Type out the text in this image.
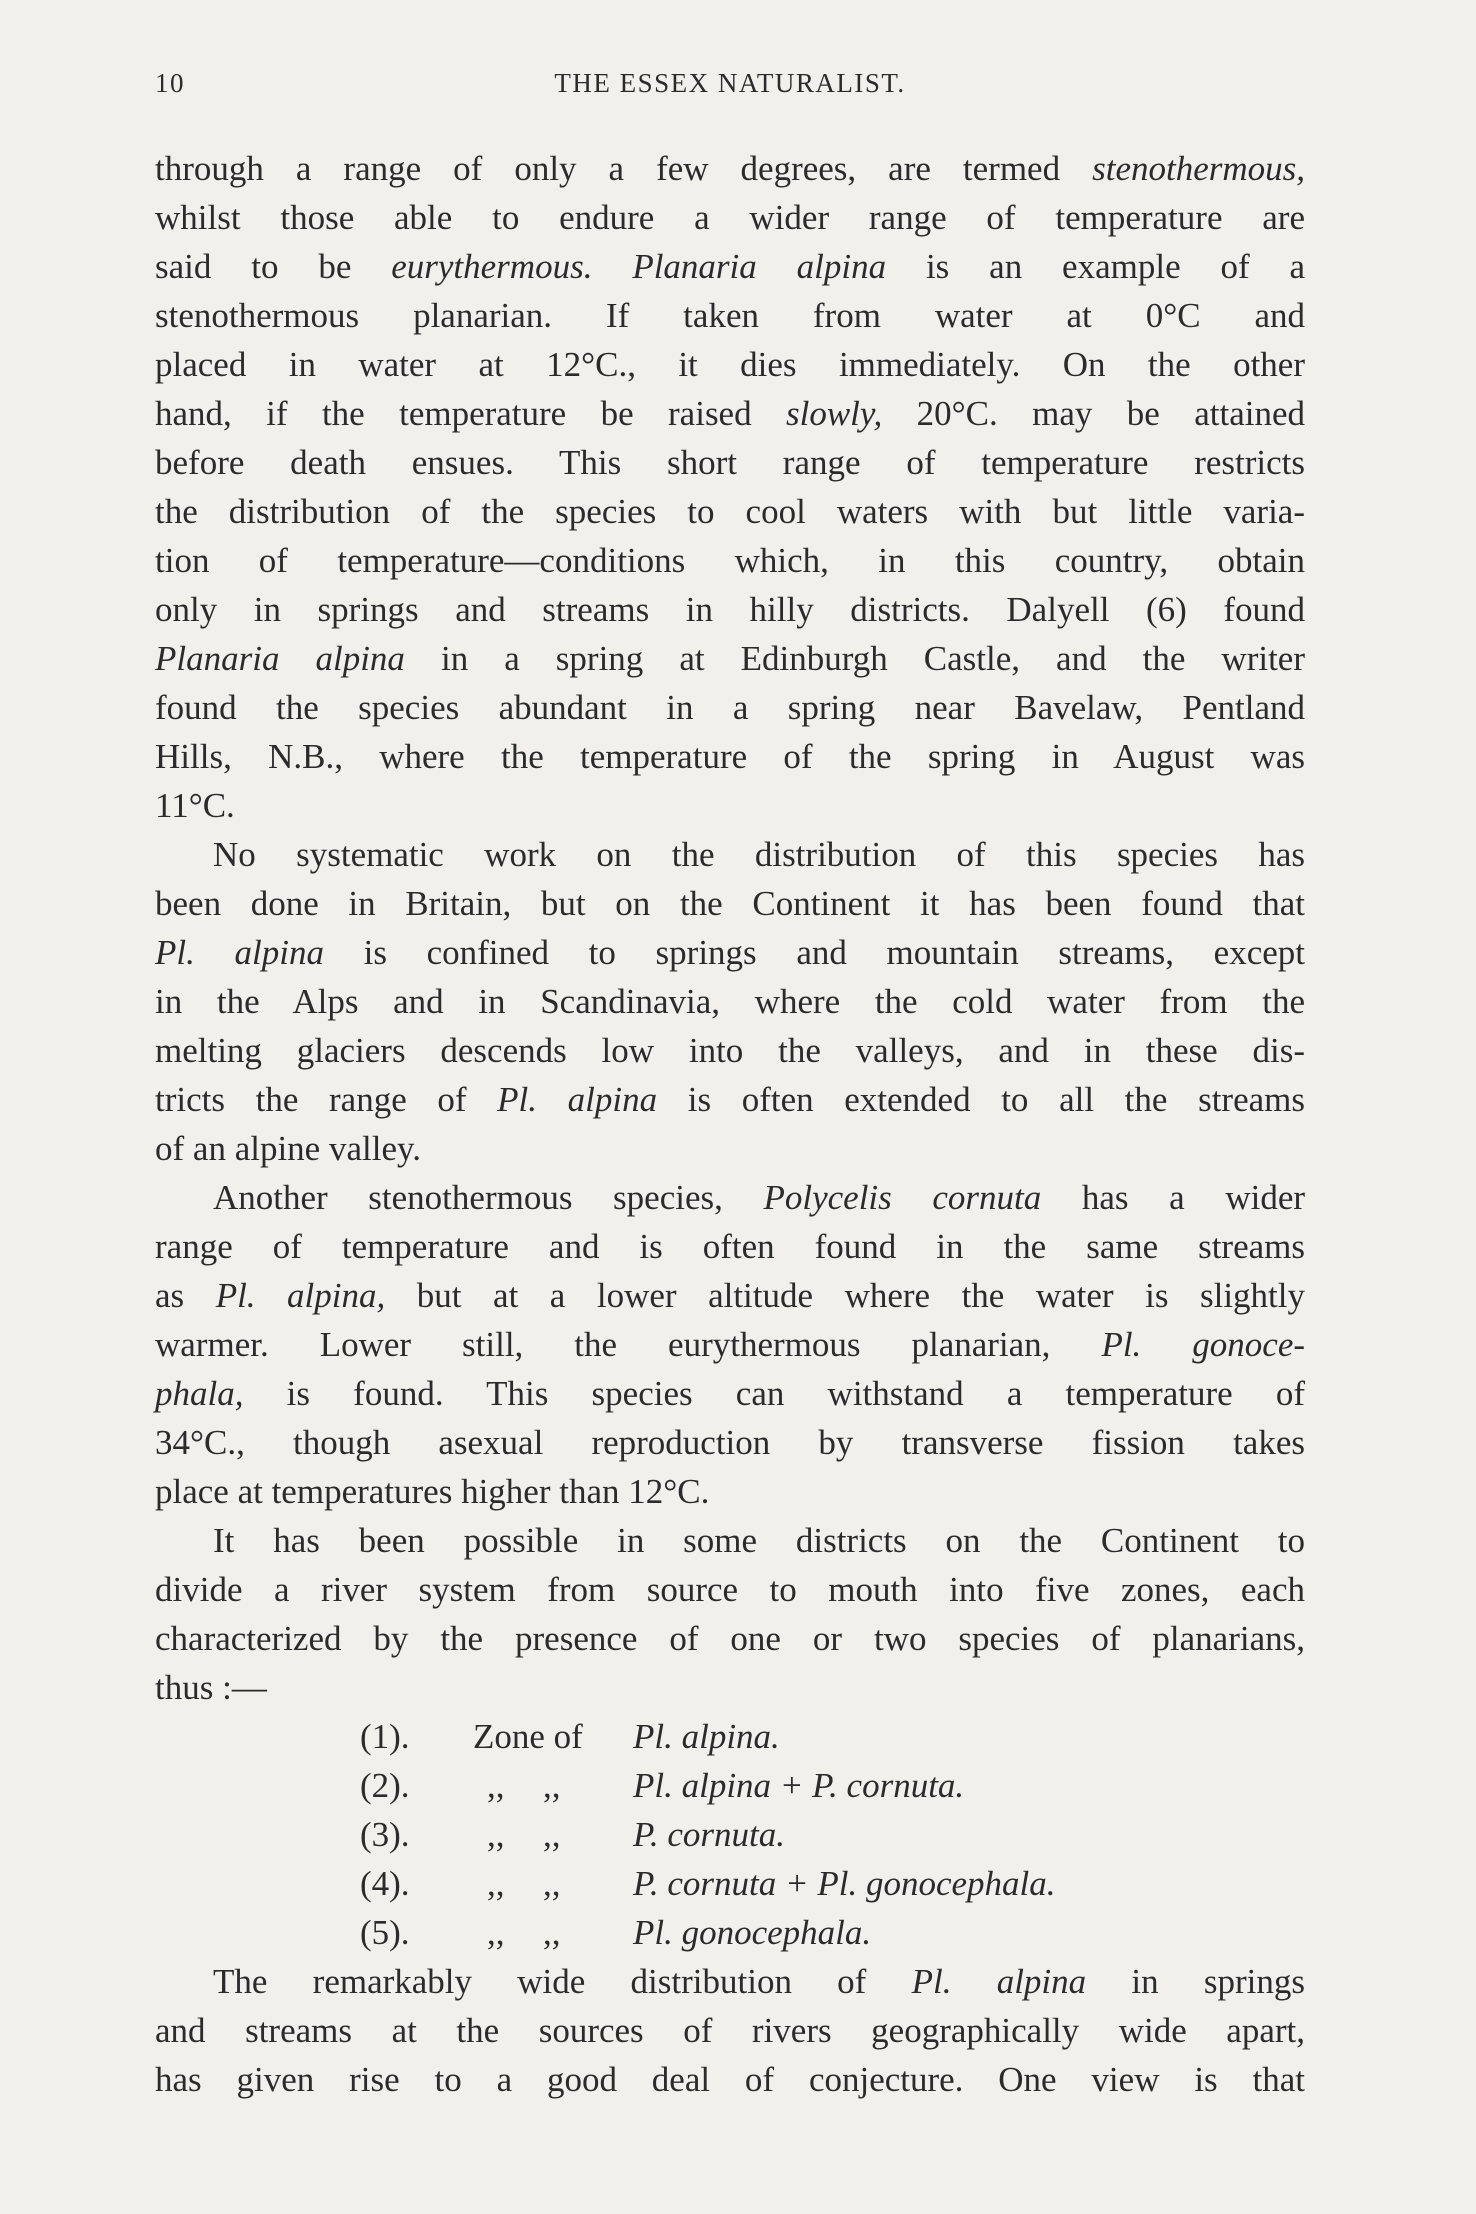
10	THE ESSEX NATURALIST.
through a range of only a few degrees, are termed stenothermous,
whilst those able to endure a wider range of temperature are
said to be eurythermous. Planaria alpina is an example of a
stenothermous planarian. If taken from water at 0°C and
placed in water at 12°C., it dies immediately. On the other
hand, if the temperature be raised slowly, 20°C. may be attained
before death ensues. This short range of temperature restricts
the distribution of the species to cool waters with but little varia-
tion of temperature—conditions which, in this country, obtain
only in springs and streams in hilly districts. Dalyell (6) found
Planaria alpina in a spring at Edinburgh Castle, and the writer
found the species abundant in a spring near Bavelaw, Pentland
Hills, N.B., where the temperature of the spring in August was
11°C.
No systematic work on the distribution of this species has
been done in Britain, but on the Continent it has been found that
Pl. alpina is confined to springs and mountain streams, except
in the Alps and in Scandinavia, where the cold water from the
melting glaciers descends low into the valleys, and in these dis-
tricts the range of Pl. alpina is often extended to all the streams
of an alpine valley.
Another stenothermous species, Polycelis cornuta has a wider
range of temperature and is often found in the same streams
as Pl. alpina, but at a lower altitude where the water is slightly
warmer. Lower still, the eurythermous planarian, Pl. gonoce-
phala, is found. This species can withstand a temperature of
34°C., though asexual reproduction by transverse fission takes
place at temperatures higher than 12°C.
It has been possible in some districts on the Continent to
divide a river system from source to mouth into five zones, each
characterized by the presence of one or two species of planarians,
thus :—
(1). Zone of Pl. alpina.
(2). ,, ,, Pl. alpina + P. cornuta.
(3). ,, ,, P. cornuta.
(4). ,, ,, P. cornuta + Pl. gonocephala.
(5). ,, ,, Pl. gonocephala.
The remarkably wide distribution of Pl. alpina in springs
and streams at the sources of rivers geographically wide apart,
has given rise to a good deal of conjecture. One view is that
